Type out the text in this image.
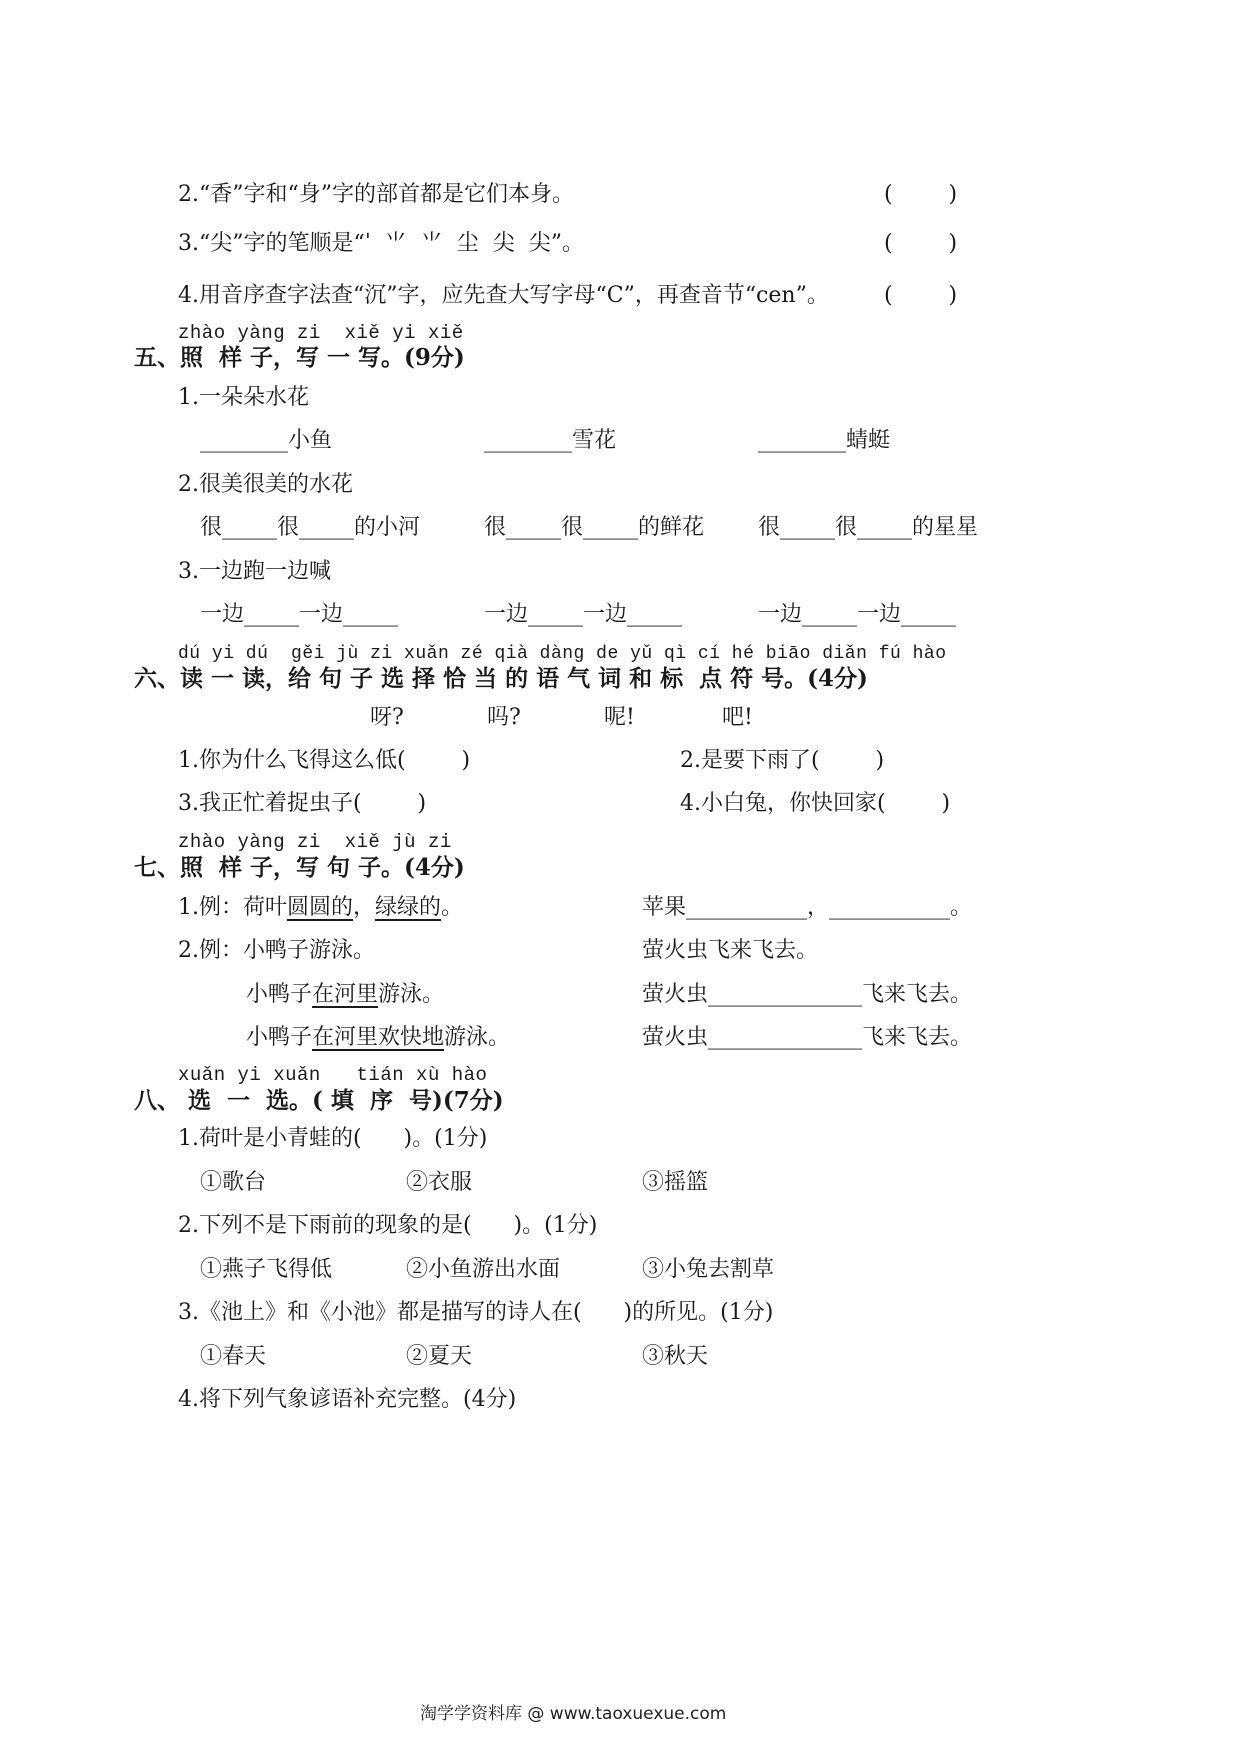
2.“香”字和“身”字的部首都是它们本身。	(        )
3.“尖”字的笔顺是“ˈ  ⺌  ⺌  尘  尖  尖”。	(        )
4.用音序查字法查“沉”字，应先查大写字母“C”，再查音节“cen”。	(        )
zhào yàng zi  xiě yi xiě
五、照  样 子，写 一 写。(9分)
1.一朵朵水花
________小鱼	________雪花	________蜻蜓
2.很美很美的水花
很_____很_____的小河	很_____很_____的鲜花 很_____很_____的星星
3.一边跑一边喊
一边_____一边_____	一边_____一边_____	一边_____一边_____
dú yi dú  gěi jù zi xuǎn zé qià dàng de yǔ qì cí hé biāo diǎn fú hào
六、读 一 读，给 句 子 选 择 恰 当 的 语 气 词 和 标  点 符 号。(4分)
呀?	吗?	呢!	吧!
1.你为什么飞得这么低(        )	2.是要下雨了(        )
3.我正忙着捉虫子(        )	4.小白兔，你快回家(        )
zhào yàng zi  xiě jù zi
七、照  样 子，写 句 子。(4分)
1.例：荷叶圆圆的，绿绿的。	苹果___________，___________。
2.例：小鸭子游泳。	萤火虫飞来飞去。
小鸭子在河里游泳。	萤火虫______________飞来飞去。
小鸭子在河里欢快地游泳。	萤火虫______________飞来飞去。
xuǎn yi xuǎn   tián xù hào
八、 选  一  选。( 填  序  号)(7分)
1.荷叶是小青蛙的(      )。(1分)
①歌台	②衣服	③摇篮
2.下列不是下雨前的现象的是(      )。(1分)
①燕子飞得低	②小鱼游出水面	③小兔去割草
3.《池上》和《小池》都是描写的诗人在(      )的所见。(1分)
①春天	②夏天	③秋天
4.将下列气象谚语补充完整。(4分)
淘学学资料库 @ www.taoxuexue.com
